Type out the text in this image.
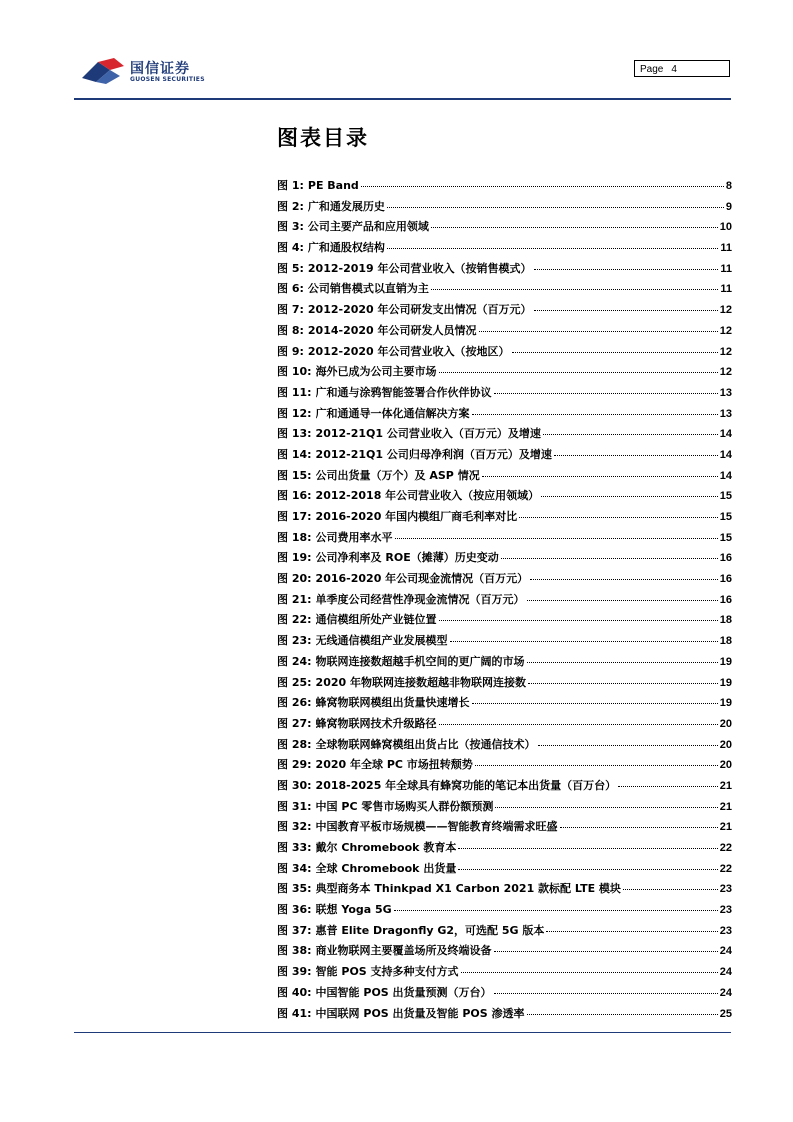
国信证券
GUOSEN SECURITIES
Page 4
图表目录
图 1: PE Band	8
图 2: 广和通发展历史	9
图 3: 公司主要产品和应用领域	10
图 4: 广和通股权结构	11
图 5: 2012-2019 年公司营业收入（按销售模式）	11
图 6: 公司销售模式以直销为主	11
图 7: 2012-2020 年公司研发支出情况（百万元）	12
图 8: 2014-2020 年公司研发人员情况	12
图 9: 2012-2020 年公司营业收入（按地区）	12
图 10: 海外已成为公司主要市场	12
图 11: 广和通与涂鸦智能签署合作伙伴协议	13
图 12: 广和通通导一体化通信解决方案	13
图 13: 2012-21Q1 公司营业收入（百万元）及增速	14
图 14: 2012-21Q1 公司归母净利润（百万元）及增速	14
图 15: 公司出货量（万个）及 ASP 情况	14
图 16: 2012-2018 年公司营业收入（按应用领域）	15
图 17: 2016-2020 年国内模组厂商毛利率对比	15
图 18: 公司费用率水平	15
图 19: 公司净利率及 ROE（摊薄）历史变动	16
图 20: 2016-2020 年公司现金流情况（百万元）	16
图 21: 单季度公司经营性净现金流情况（百万元）	16
图 22: 通信模组所处产业链位置	18
图 23: 无线通信模组产业发展模型	18
图 24: 物联网连接数超越手机空间的更广阔的市场	19
图 25: 2020 年物联网连接数超越非物联网连接数	19
图 26: 蜂窝物联网模组出货量快速增长	19
图 27: 蜂窝物联网技术升级路径	20
图 28: 全球物联网蜂窝模组出货占比（按通信技术）	20
图 29: 2020 年全球 PC 市场扭转颓势	20
图 30: 2018-2025 年全球具有蜂窝功能的笔记本出货量（百万台）	21
图 31: 中国 PC 零售市场购买人群份额预测	21
图 32: 中国教育平板市场规模——智能教育终端需求旺盛	21
图 33: 戴尔 Chromebook 教育本	22
图 34: 全球 Chromebook 出货量	22
图 35: 典型商务本 Thinkpad X1 Carbon 2021 款标配 LTE 模块	23
图 36: 联想 Yoga 5G	23
图 37: 惠普 Elite Dragonfly G2，可选配 5G 版本	23
图 38: 商业物联网主要覆盖场所及终端设备	24
图 39: 智能 POS 支持多种支付方式	24
图 40: 中国智能 POS 出货量预测（万台）	24
图 41: 中国联网 POS 出货量及智能 POS 渗透率	25
